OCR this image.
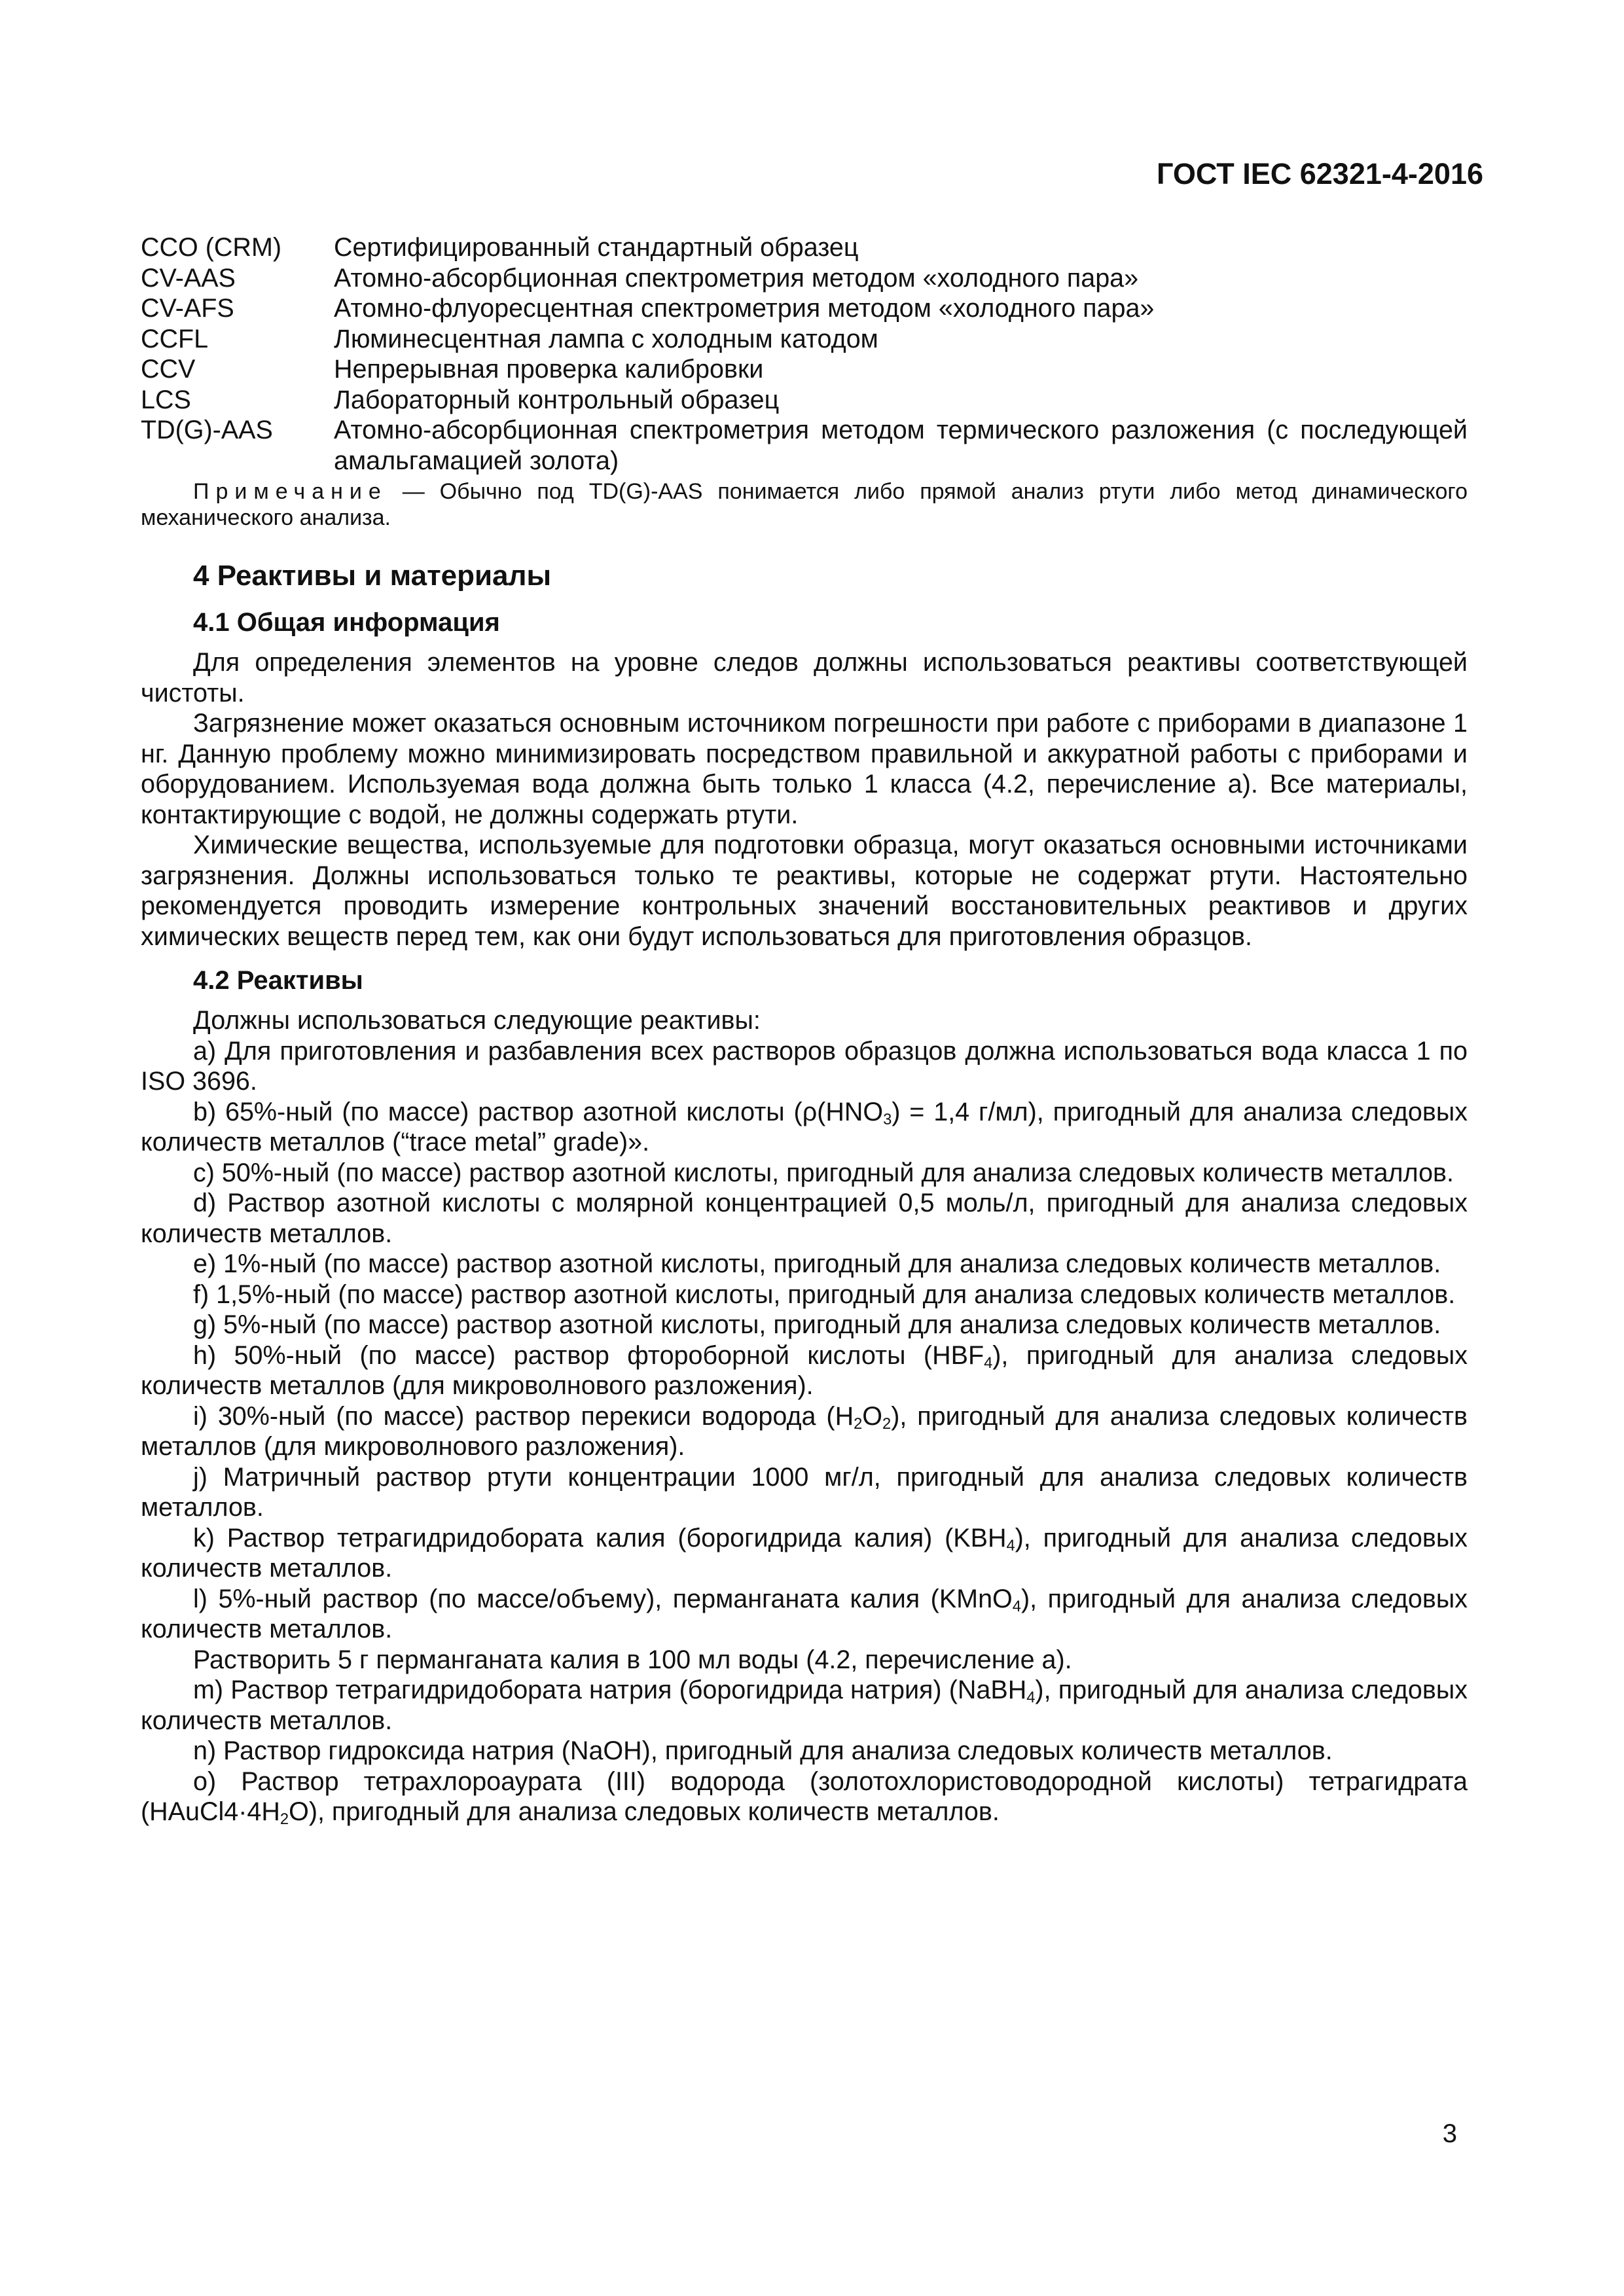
ГОСТ IEC 62321-4-2016
CCO (CRM)	Сертифицированный стандартный образец
CV-AAS	Атомно-абсорбционная спектрометрия методом «холодного пара»
CV-AFS	Атомно-флуоресцентная спектрометрия методом «холодного пара»
CCFL	Люминесцентная лампа с холодным катодом
CCV	Непрерывная проверка калибровки
LCS	Лабораторный контрольный образец
TD(G)-AAS	Атомно-абсорбционная спектрометрия методом термического разложения (с последующей амальгамацией золота)
Примечание — Обычно под TD(G)-AAS понимается либо прямой анализ ртути либо метод динамического механического анализа.
4 Реактивы и материалы
4.1 Общая информация

Для определения элементов на уровне следов должны использоваться реактивы соответствующей чистоты.

Загрязнение может оказаться основным источником погрешности при работе с приборами в диапазоне 1 нг. Данную проблему можно минимизировать посредством правильной и аккуратной работы с приборами и оборудованием. Используемая вода должна быть только 1 класса (4.2, перечисление а). Все материалы, контактирующие с водой, не должны содержать ртути.

Химические вещества, используемые для подготовки образца, могут оказаться основными источниками загрязнения. Должны использоваться только те реактивы, которые не содержат ртути. Настоятельно рекомендуется проводить измерение контрольных значений восстановительных реактивов и других химических веществ перед тем, как они будут использоваться для приготовления образцов.

4.2 Реактивы

Должны использоваться следующие реактивы:

а) Для приготовления и разбавления всех растворов образцов должна использоваться вода класса 1 по ISO 3696.

b) 65%-ный (по массе) раствор азотной кислоты ($\rho(HNO_3) = 1,4$ г/мл), пригодный для анализа следовых количеств металлов (“trace metal” grade)».

c) 50%-ный (по массе) раствор азотной кислоты, пригодный для анализа следовых количеств металлов.

d) Раствор азотной кислоты с молярной концентрацией 0,5 моль/л, пригодный для анализа следовых количеств металлов.

e) 1%-ный (по массе) раствор азотной кислоты, пригодный для анализа следовых количеств металлов.

f) 1,5%-ный (по массе) раствор азотной кислоты, пригодный для анализа следовых количеств металлов.

g) 5%-ный (по массе) раствор азотной кислоты, пригодный для анализа следовых количеств металлов.

h) 50%-ный (по массе) раствор фтороборной кислоты $(HBF_4)$, пригодный для анализа следовых количеств металлов (для микроволнового разложения).

i) 30%-ный (по массе) раствор перекиси водорода $(H_2O_2)$, пригодный для анализа следовых количеств металлов (для микроволнового разложения).

j) Матричный раствор ртути концентрации 1000 мг/л, пригодный для анализа следовых количеств металлов.

k) Раствор тетрагидридобората калия (борогидрида калия) $(KBH_4)$, пригодный для анализа следовых количеств металлов.

l) 5%-ный раствор (по массе/объему), перманганата калия (KMnO$_4$), пригодный для анализа следовых количеств металлов.

Растворить 5 г перманганата калия в 100 мл воды (4.2, перечисление а).

m) Раствор тетрагидридобората натрия (борогидрида натрия) (NaBH$_4$), пригодный для анализа следовых количеств металлов.

n) Раствор гидроксида натрия (NaOH), пригодный для анализа следовых количеств металлов.

o) Раствор тетрахлороаурата (III) водорода (золотохлористоводородной кислоты) тетрагидрата $(HAuCl4\cdot 4H_2O)$, пригодный для анализа следовых количеств металлов.

3
